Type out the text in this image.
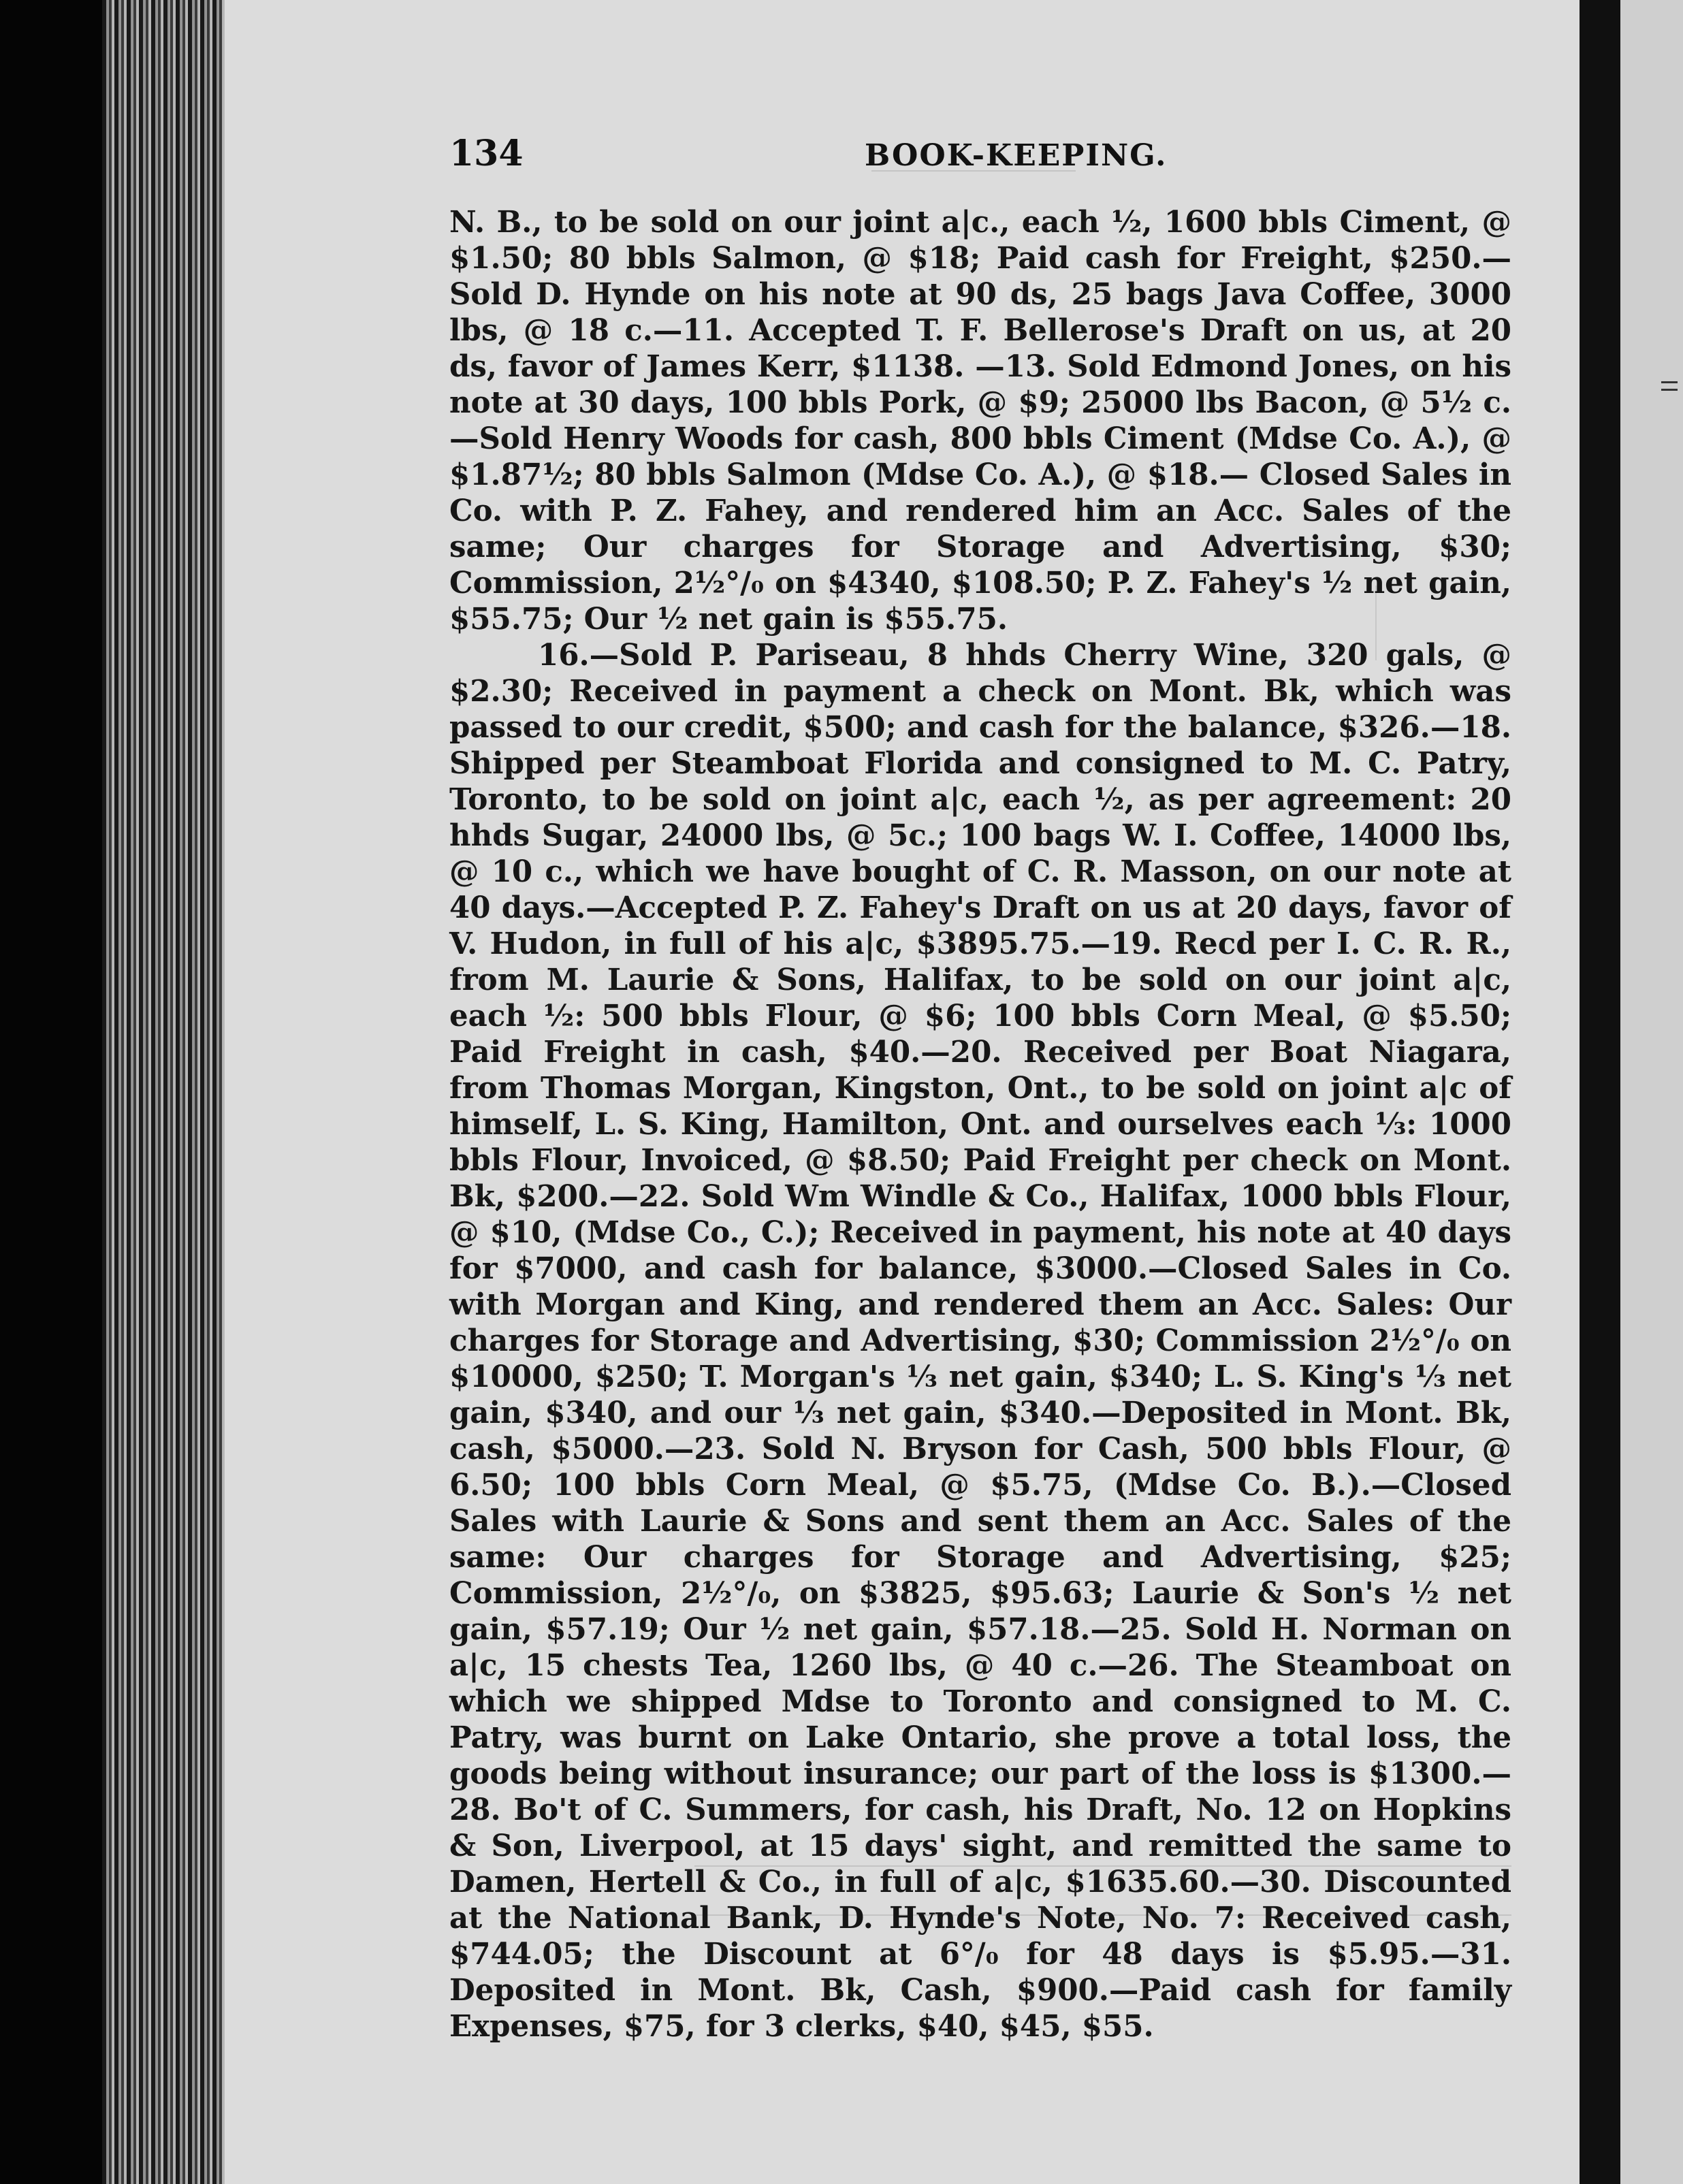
134	BOOK-KEEPING.

N. B., to be sold on our joint a|c., each ½, 1600 bbls Ciment, @ $1.50; 80 bbls Salmon, @ $18; Paid cash for Freight, $250.—Sold D. Hynde on his note at 90 ds, 25 bags Java Coffee, 3000 lbs, @ 18 c.—11. Accepted T. F. Bellerose's Draft on us, at 20 ds, favor of James Kerr, $1138. —13. Sold Edmond Jones, on his note at 30 days, 100 bbls Pork, @ $9; 25000 lbs Bacon, @ 5½ c.—Sold Henry Woods for cash, 800 bbls Ciment (Mdse Co. A.), @ $1.87½; 80 bbls Salmon (Mdse Co. A.), @ $18.— Closed Sales in Co. with P. Z. Fahey, and rendered him an Acc. Sales of the same; Our charges for Storage and Advertising, $30; Commission, 2½°/₀ on $4340, $108.50; P. Z. Fahey's ½ net gain, $55.75; Our ½ net gain is $55.75.

16.—Sold P. Pariseau, 8 hhds Cherry Wine, 320 gals, @ $2.30; Received in payment a check on Mont. Bk, which was passed to our credit, $500; and cash for the balance, $326.—18. Shipped per Steamboat Florida and consigned to M. C. Patry, Toronto, to be sold on joint a|c, each ½, as per agreement: 20 hhds Sugar, 24000 lbs, @ 5c.; 100 bags W. I. Coffee, 14000 lbs, @ 10 c., which we have bought of C. R. Masson, on our note at 40 days.—Accepted P. Z. Fahey's Draft on us at 20 days, favor of V. Hudon, in full of his a|c, $3895.75.—19. Recd per I. C. R. R., from M. Laurie & Sons, Halifax, to be sold on our joint a|c, each ½: 500 bbls Flour, @ $6; 100 bbls Corn Meal, @ $5.50; Paid Freight in cash, $40.—20. Received per Boat Niagara, from Thomas Morgan, Kingston, Ont., to be sold on joint a|c of himself, L. S. King, Hamilton, Ont. and ourselves each ⅓: 1000 bbls Flour, Invoiced, @ $8.50; Paid Freight per check on Mont. Bk, $200.—22. Sold Wm Windle & Co., Halifax, 1000 bbls Flour, @ $10, (Mdse Co., C.); Received in payment, his note at 40 days for $7000, and cash for balance, $3000.—Closed Sales in Co. with Morgan and King, and rendered them an Acc. Sales: Our charges for Storage and Advertising, $30; Commission 2½°/₀ on $10000, $250; T. Morgan's ⅓ net gain, $340; L. S. King's ⅓ net gain, $340, and our ⅓ net gain, $340.—Deposited in Mont. Bk, cash, $5000.—23. Sold N. Bryson for Cash, 500 bbls Flour, @ 6.50; 100 bbls Corn Meal, @ $5.75, (Mdse Co. B.).—Closed Sales with Laurie & Sons and sent them an Acc. Sales of the same: Our charges for Storage and Advertising, $25; Commission, 2½°/₀, on $3825, $95.63; Laurie & Son's ½ net gain, $57.19; Our ½ net gain, $57.18.—25. Sold H. Norman on a|c, 15 chests Tea, 1260 lbs, @ 40 c.—26. The Steamboat on which we shipped Mdse to Toronto and consigned to M. C. Patry, was burnt on Lake Ontario, she prove a total loss, the goods being without insurance; our part of the loss is $1300.—28. Bo't of C. Summers, for cash, his Draft, No. 12 on Hopkins & Son, Liverpool, at 15 days' sight, and remitted the same to Damen, Hertell & Co., in full of a|c, $1635.60.—30. Discounted at the National Bank, D. Hynde's Note, No. 7: Received cash, $744.05; the Discount at 6°/₀ for 48 days is $5.95.—31. Deposited in Mont. Bk, Cash, $900.—Paid cash for family Expenses, $75, for 3 clerks, $40, $45, $55.
